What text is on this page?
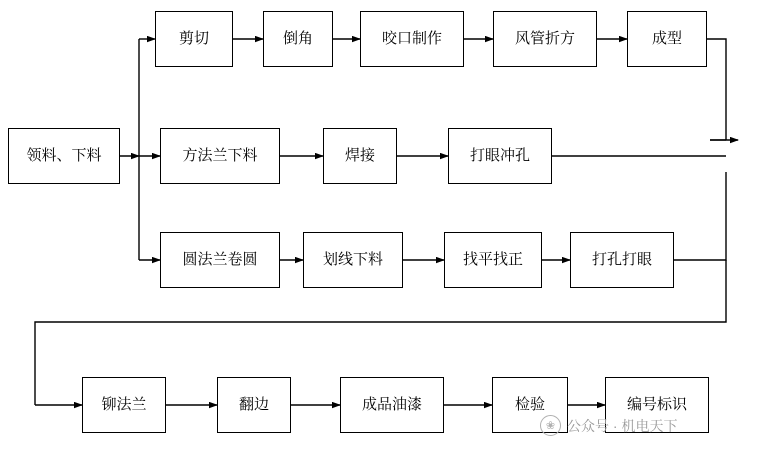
领料、下料
剪切	倒角	咬口制作	风管折方	成型
方法兰下料	焊接	打眼冲孔
圆法兰卷圆	划线下料	找平找正	打孔打眼
铆法兰	翻边	成品油漆	检验	编号标识
❀ 公众号 · 机电天下
